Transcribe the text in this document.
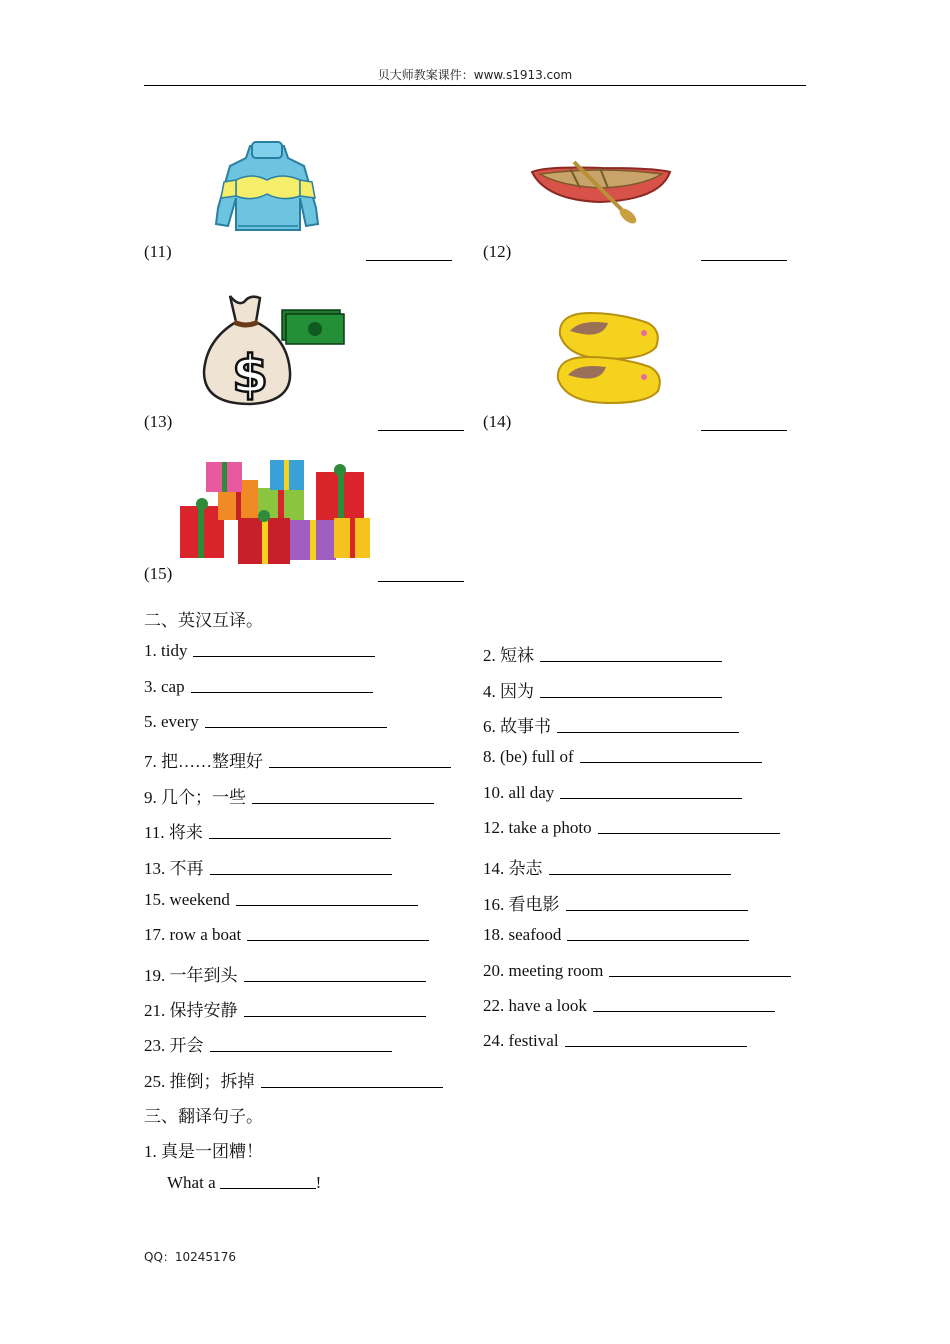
贝大师教案课件：www.s1913.com
(11)	(12)
$
(13)	(14)
(15)
二、英汉互译。
1. tidy	2. 短袜
3. cap	4. 因为
5. every	6. 故事书
7. 把……整理好	8. (be) full of
9. 几个；一些	10. all day
11. 将来	12. take a photo
13. 不再	14. 杂志
15. weekend	16. 看电影
17. row a boat	18. seafood
19. 一年到头	20. meeting room
21. 保持安静	22. have a look
23. 开会	24. festival
25. 推倒；拆掉
三、翻译句子。
1. 真是一团糟！
What a	!
QQ：10245176
